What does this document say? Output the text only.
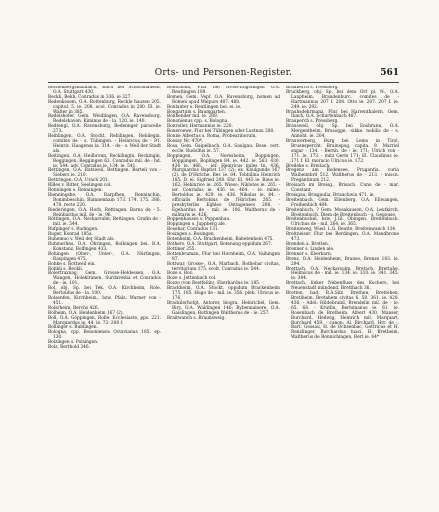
Orts- und Personen-Register.	561

Rechenbergsmanbach, Bach bei Schornhausen, O.A. Stuttgart 430.

Reckli, Bekli, Conradus in 336. ie 327.

Redenkosem, O.A. Rottenburg, Reckle hauzen 205. capitul. 5. ie. 208. acol. Conradus in 280. El. ie. Walter in 385.

Redelshofer, Gem. Weidlingen, O.A. Ravensburg. Redelshaven. Kiminus de - la. 120. ie. 140.

Redtengi, O.A. Ravensburg, Redennger paracelle 273.

Reihlingen, O.A. Stockt, Rebilingen, Rebilegin. comites de - s. Tübingen. - Heinricus de - 91. Heinric. Haagenss la. 314. - de - s. Weil der Stadt als.

Reitingen, O.A. Heilbronn, Reckilingin, Reckingin, Reggingen, Reggingen 62. Conradus mil. de - bd. ie. 544. adv. Conradus ie. 134. ie. 541.

Rettingen, O.A. Ratsweil, Bettingen. Barteli von - Siebers ie. 210.

Rettringen, O.A. Urach 201.

Rilles v. Ritter, Seelingen col.

Ronningen s. Renningen.

Rienningshe, O.A. Rarpfhen, Renninchin, Bonimbeschin, Rumnenhain 173. 174. 175. 386. 478. recte 220.

Riederingen, O.A. Horb, Rettingen. Barno de - 5. Reinhardus mil. de - ie. 96.

Röttingen, O.A. Neckarsulm, Bettingen. Grafin de - mil. ie. 544.

Rufpinger s. Rudingen.

Ruger, Konrad 185a.

Ruhemuo v. Weil der Stadt als.

Ruhmerlins, O.A. Öhringen, Rolbingen bei. B.A. Konstanz, Bolfingen 433.

Rohingen (Ober-, Unter-, O.A. Nürtingen, Raspingen 475.

Rohke s. Rottweil ein.

Rohkli s. Beckli.

Rolertraxnag, Gem. Grosse-Heldessen, O.A. Wangen, Holekiranen. Surdaresba et Conradus de - ie. 101.

Rol, obj. Sp. bei Tek, O.A. Kirchheim, Role. Bertoldus de - la. 100.

Rolsenfen, Kirchheim., bzw. Pfalz. Warner von - 451.

Rolsrheim, Berchs 426.

Bolheim, O.A. Heidenheim 167 (2).

Boll, O.A. Göppingen, Rolle. Ecclesiaste, pps. 221. Marquardus ie. 44. ie. 73. 208 f.

Bollinger s. Bublingen.

Bologna, cpp. Bononiensis Octavianus 185. ep. 130.

Bolzingen s. Polsingen.

Bolz, Berthold 346.

Bomcholm, Flur bei Gross-Engstingen O.A. Reutlingen 189.

Bomen, Gem. Vepf. O.A. Ravensburg, bomen ad Bomen apud Walpurs 487. 488.

Bonlanter s. Reutlingen hei. ei. ie.

Bongartum s. Baumgarten.

Bonhender mil. ie. 289.

Bononienus cpp. s. Bologna.

Bonroller, Hermannus ie. 220.

Boneroewe, Flur bei Tübingen oder Lustnau 280.

Bonne Albertus s. Roma, Probearinorum.

Bossay Nr. 470*.

Boss, Gem. Gaipelbach, O.A. Saulgau, Bose. cert. eccle. Rudolfus ie. 57.

Boppingen, O.A. Neresheim, Boppingen, Boppiingen, Boplingen 84. ie. 442. ie. 563. 430. 436 ie. 466. - ier. Heinricus miles tn. 436. Marquardus Baptist 137 (2); ex. Knulgunde 167 (2). de D'Hirlche. Ber. ie. 84. Tobbilina Heinrich 185; D. ei. Sigfried 208. Ehr. El. 445 ie. Baus ie. 162; Hebinrice ie. 265. Wieso; Niklotes ie. 265. - ier. Conradus ie. 436. ie. 464. - ie. miles: Bertoldus ie. 429. ie. 436. Nikolas ie. 84. - officialis Bertoldus de l'Hiriches 265. - presbyteribs Egbleo Ostingenses 208. - Egehardus de - mil. ie. 106. Waltherus de - militaris ie. 426.

Boppenhauses s. Poppenhau.

Boppingen s. Juppberg ale.

Bosehar, Conradus 131.

Bosingen s. Bosingen.

Botenheim, O.A. Brackenheim, Bahetenhein 475.

Bothers, O.A. Stuttgart, Botenang eppidum 267.

Bottiner 255.

Bottenbruman, Flur bei Hornheim, O.A. Vaihingen 87.

Bottwar, Grosse-, O.A. Marbach, Bothebar civitas, territorium 175. scolt. Conradus ie. 544.

Boze s. Boz.

Boze s. Jettenbach col.

Bozzo (von Bestfeilin), Eberhardus ie. 185.

Brackheim, O.A. Stockt, oppidum Brackenheim 175. 185. Hugo de - mil. ie. 356. pleb. Ulricus ie. 176.

Brackilerhofgt, Antorer, biogra. Heinrichel, Gem. Biry, O.A. Waldingen 146; Bybennaloere, O.A. Gaislingen, Bottingen Waltherus de - ie. 257.

Braitwanch s. Braunsweig.

Brauberch s. Pressberg.

Bruckberg, obj. Sp. bei dem Ort pl. N., O.A. Laupheim, Brandenhurc. comites de - Hartmannus 207 f. 208. Otto ie. 207. 207 f. ie. 249. ie. 292.

Brauhsdehrmanz, Flur bei Harrenthalern, Gem. Ibach, O.A. Schurfenbach 487.

Brauperch s. Pressberg.

Brausweil, obj. Sp. bei Enshrunn, O.A. Mergentheim, Brusogge, -sikke. nobilis de - s. Annoht. ie. 204.

Brauwerberg, Burg bei Lemo in Tirol, Bruenspercht. Bruinspog, capita. 9. Marriel sngar - 134. - Bernh. de - ie. 171; Ulrich von - 171. ie. 173. - mitz Germ 171; El. Claudinus ie. 171 f. El. moracio Ulricus ie. 172.

Bredeke s. Breitach.

Bregenz am Bodensee, Prugantia. curia Waiheimbrd 512. Waltherus de - 213. - miscn. Pregantinum 212.

Breisach im Breisg., Brisach. Cuno de - mar. Constant.

Breisgau, Brisgaulia, Brisachwia 471. ie.

Breitenbach, Gem. Ellenberg, O.A. Ellwangen, Freihenbich 484.

Breitenbuch, ? Gem. Mosakausen, O.A. Leutkirch, Breitenbuch. Diem de Breitenbuch - s. Gegouse.

Breitenbuckel, bzw. J.Gl. Obingen, Breitenbuck. Ulrichus de - mil. 264. ie. 365.

Breitenweg, Wied. L.G. Reutte, Breitenwanch 134.

Breitneiser, Flur bei Berdingen, O.A. Mandbrone 473.

Brenden a. Brotten.

Brenner s. Linden ale.

Brenner s. Eberbarn.

Brenz, O.A. Heidenheim, Branse, Brenze 183. ie. 294.

Brettach, O.A. Neckarsulm, Bretach, Brettahe. Heilmicus de - mil. ie. 134. ie. 310. ie. 341. 345. ie. 344.

Brettach, linker Nebenfluss des Kochers, bei Neuenstadt mündend, Bretthach 36.

Bretten, bad. B.A.Sitz. Brethen, Brettehen, Bretiheim, Bretahem civitas 6. 58. 361. ie. 428. 436. - Adel: Hildebrand, Brendelin mil. de - ie. 65. 68. - Krutlin, Bertsmanus ie. 61. ie. Rosenbach de Bretheim. Albert 430. Manser, Burchard, Hedwig, Heinrich mil. Marquart, Burchard 459. - canon: Al. Birchard, Hrr. de -, Bart. Gossau, H. de Ochsenbac, Gottricus et H. Renzlinger, Burchardus tuaci. H. Bretbeim, Waltherus de Ronnichingen, Bert ie. 64*
